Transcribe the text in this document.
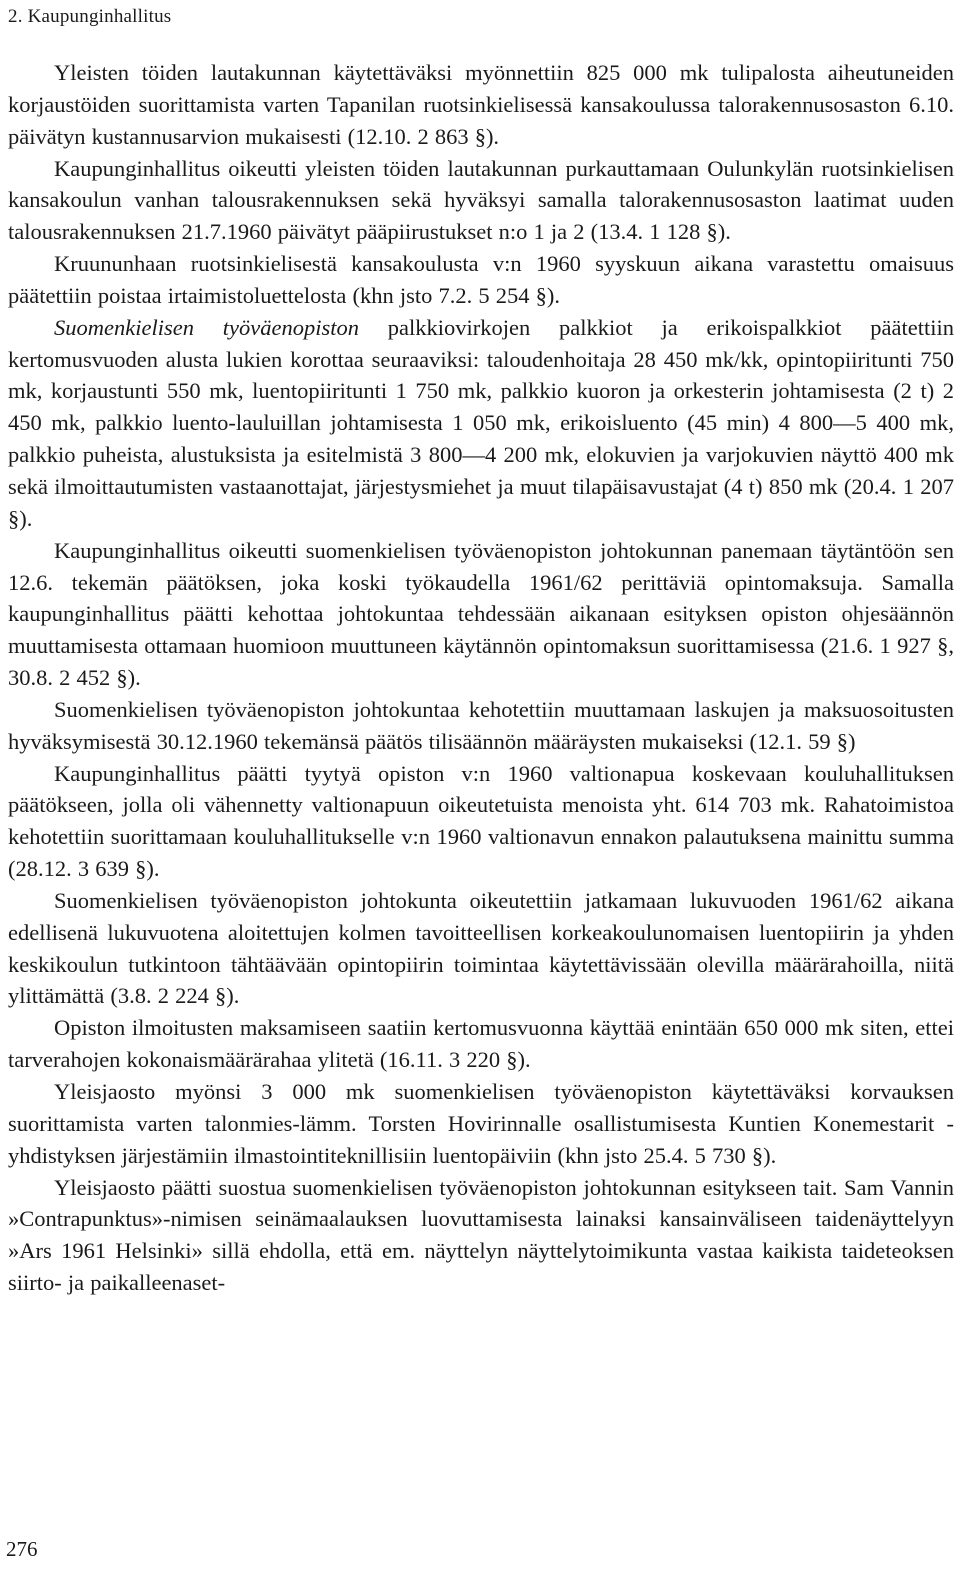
2. Kaupunginhallitus

Yleisten töiden lautakunnan käytettäväksi myönnettiin 825 000 mk tulipalosta aiheutuneiden korjaustöiden suorittamista varten Tapanilan ruotsinkielisessä kansakoulussa talorakennusosaston 6.10. päivätyn kustannusarvion mukaisesti (12.10. 2 863 §).

Kaupunginhallitus oikeutti yleisten töiden lautakunnan purkauttamaan Oulunkylän ruotsinkielisen kansakoulun vanhan talousrakennuksen sekä hyväksyi samalla talorakennusosaston laatimat uuden talousrakennuksen 21.7.1960 päivätyt pääpiirustukset n:o 1 ja 2 (13.4. 1 128 §).

Kruununhaan ruotsinkielisestä kansakoulusta v:n 1960 syyskuun aikana varastettu omaisuus päätettiin poistaa irtaimistoluettelosta (khn jsto 7.2. 5 254 §).

Suomenkielisen työväenopiston palkkiovirkojen palkkiot ja erikoispalkkiot päätettiin kertomusvuoden alusta lukien korottaa seuraaviksi: taloudenhoitaja 28 450 mk/kk, opintopiiritunti 750 mk, korjaustunti 550 mk, luentopiiritunti 1 750 mk, palkkio kuoron ja orkesterin johtamisesta (2 t) 2 450 mk, palkkio luento-lauluillan johtamisesta 1 050 mk, erikoisluento (45 min) 4 800—5 400 mk, palkkio puheista, alustuksista ja esitelmistä 3 800—4 200 mk, elokuvien ja varjokuvien näyttö 400 mk sekä ilmoittautumisten vastaanottajat, järjestysmiehet ja muut tilapäisavustajat (4 t) 850 mk (20.4. 1 207 §).

Kaupunginhallitus oikeutti suomenkielisen työväenopiston johtokunnan panemaan täytäntöön sen 12.6. tekemän päätöksen, joka koski työkaudella 1961/62 perittäviä opintomaksuja. Samalla kaupunginhallitus päätti kehottaa johtokuntaa tehdessään aikanaan esityksen opiston ohjesäännön muuttamisesta ottamaan huomioon muuttuneen käytännön opintomaksun suorittamisessa (21.6. 1 927 §, 30.8. 2 452 §).

Suomenkielisen työväenopiston johtokuntaa kehotettiin muuttamaan laskujen ja maksuosoitusten hyväksymisestä 30.12.1960 tekemänsä päätös tilisäännön määräysten mukaiseksi (12.1. 59 §)

Kaupunginhallitus päätti tyytyä opiston v:n 1960 valtionapua koskevaan kouluhallituksen päätökseen, jolla oli vähennetty valtionapuun oikeutetuista menoista yht. 614 703 mk. Rahatoimistoa kehotettiin suorittamaan kouluhallitukselle v:n 1960 valtionavun ennakon palautuksena mainittu summa (28.12. 3 639 §).

Suomenkielisen työväenopiston johtokunta oikeutettiin jatkamaan lukuvuoden 1961/62 aikana edellisenä lukuvuotena aloitettujen kolmen tavoitteellisen korkeakoulunomaisen luentopiirin ja yhden keskikoulun tutkintoon tähtäävään opintopiirin toimintaa käytettävissään olevilla määrärahoilla, niitä ylittämättä (3.8. 2 224 §).

Opiston ilmoitusten maksamiseen saatiin kertomusvuonna käyttää enintään 650 000 mk siten, ettei tarverahojen kokonaismäärärahaa ylitetä (16.11. 3 220 §).

Yleisjaosto myönsi 3 000 mk suomenkielisen työväenopiston käytettäväksi korvauksen suorittamista varten talonmies-lämm. Torsten Hovirinnalle osallistumisesta Kuntien Konemestarit -yhdistyksen järjestämiin ilmastointiteknillisiin luentopäiviin (khn jsto 25.4. 5 730 §).

Yleisjaosto päätti suostua suomenkielisen työväenopiston johtokunnan esitykseen tait. Sam Vannin »Contrapunktus»-nimisen seinämaalauksen luovuttamisesta lainaksi kansainväliseen taidenäyttelyyn »Ars 1961 Helsinki» sillä ehdolla, että em. näyttelyn näyttelytoimikunta vastaa kaikista taideteoksen siirto- ja paikalleenaset-

276
